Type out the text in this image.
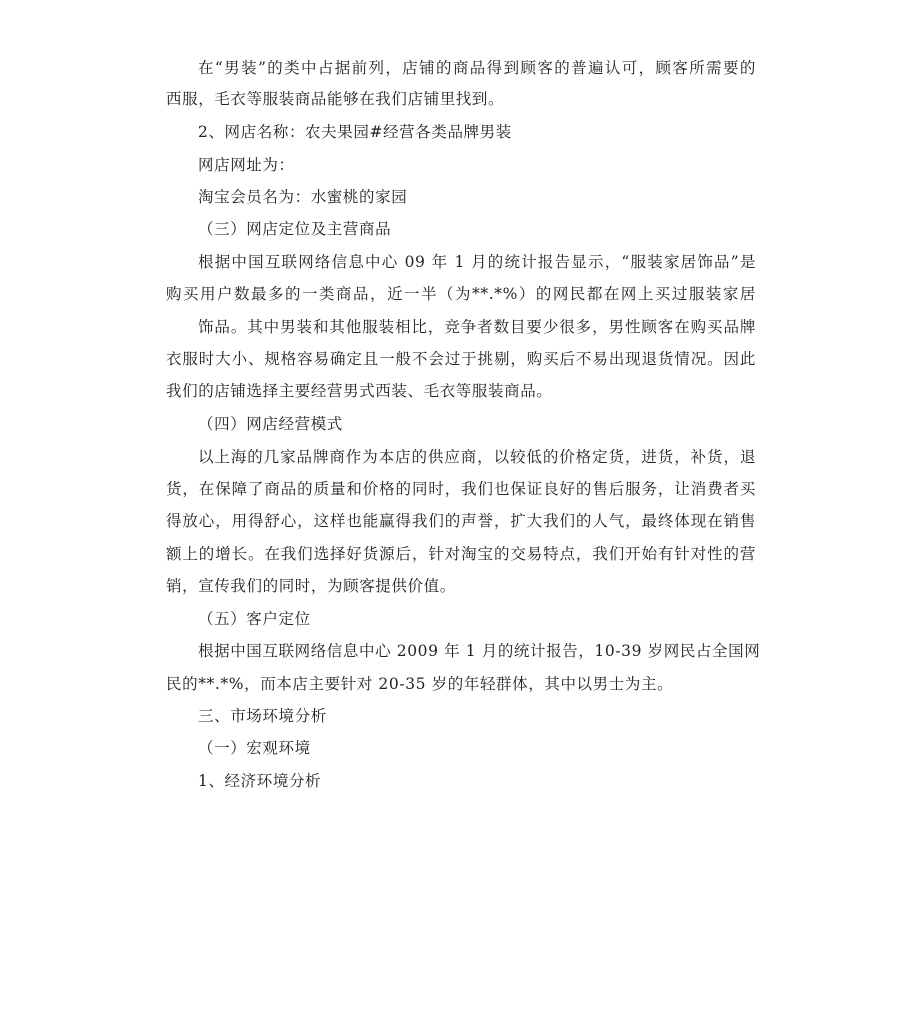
在“男装”的类中占据前列，店铺的商品得到顾客的普遍认可，顾客所需要的
西服，毛衣等服装商品能够在我们店铺里找到。
2、网店名称：农夫果园#经营各类品牌男装
网店网址为：
淘宝会员名为：水蜜桃的家园
（三）网店定位及主营商品
根据中国互联网络信息中心 09 年 1 月的统计报告显示，“服装家居饰品”是
购买用户数最多的一类商品，近一半（为**.*%）的网民都在网上买过服装家居
饰品。其中男装和其他服装相比，竞争者数目要少很多，男性顾客在购买品牌
衣服时大小、规格容易确定且一般不会过于挑剔，购买后不易出现退货情况。因此
我们的店铺选择主要经营男式西装、毛衣等服装商品。
（四）网店经营模式
以上海的几家品牌商作为本店的供应商，以较低的价格定货，进货，补货，退
货，在保障了商品的质量和价格的同时，我们也保证良好的售后服务，让消费者买
得放心，用得舒心，这样也能赢得我们的声誉，扩大我们的人气，最终体现在销售
额上的增长。在我们选择好货源后，针对淘宝的交易特点，我们开始有针对性的营
销，宣传我们的同时，为顾客提供价值。
（五）客户定位
根据中国互联网络信息中心 2009 年 1 月的统计报告，10-39 岁网民占全国网
民的**.*%，而本店主要针对 20-35 岁的年轻群体，其中以男士为主。
三、市场环境分析
（一）宏观环境
1、经济环境分析
